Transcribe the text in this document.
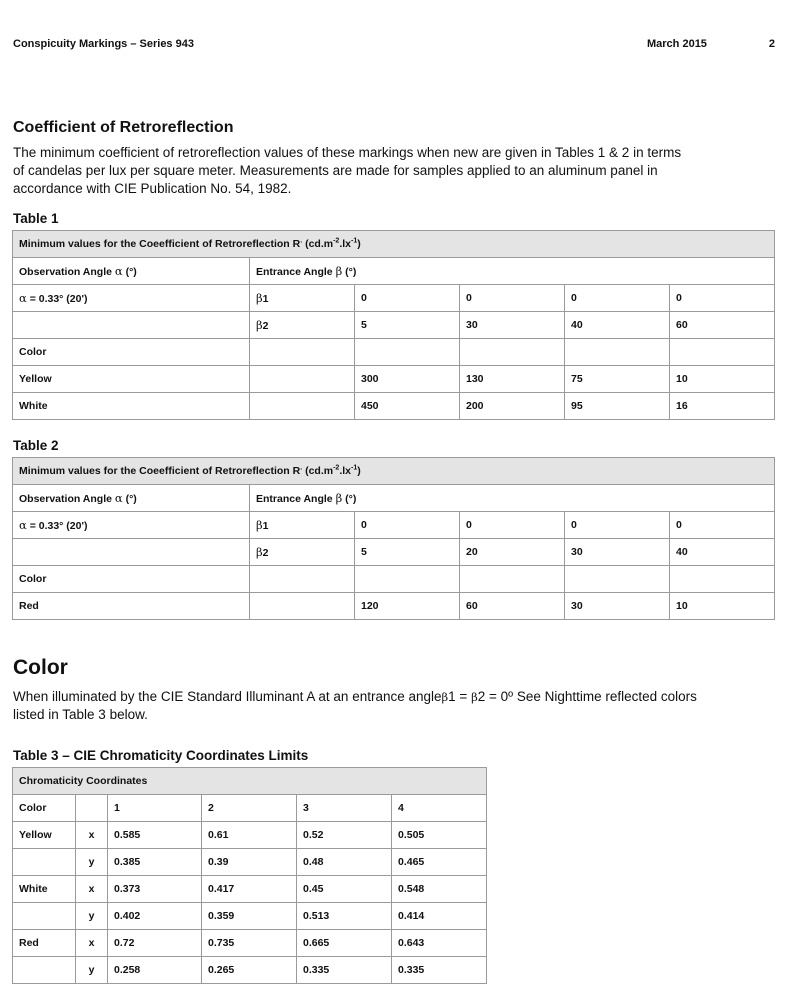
Conspicuity Markings – Series 943	March 2015	2
Coefficient of Retroreflection

The minimum coefficient of retroreflection values of these markings when new are given in Tables 1 & 2 in terms
of candelas per lux per square meter. Measurements are made for samples applied to an aluminum panel in
accordance with CIE Publication No. 54, 1982.

Table 1
Minimum values for the Coeefficient of Retroreflection R. $(cd.m^{-2}.lx^{-1})$					
Observation Angle α (°)	Entrance Angle β (°)				
α = 0.33° (20')	β1	0	0	0	0
	β2	5	30	40	60
Color					
Yellow		300	130	75	10
White		450	200	95	16
Table 2
Minimum values for the Coeefficient of Retroreflection R. $(cd.m^{-2}.lx^{-1})$					
Observation Angle α (°)	Entrance Angle β (°)				
α = 0.33° (20')	β1	0	0	0	0
	β2	5	20	30	40
Color					
Red		120	60	30	10
Color

When illuminated by the CIE Standard Illuminant A at an entrance angleβ1 = β2 = 0º See Nighttime reflected colors
listed in Table 3 below.

Table 3 – CIE Chromaticity Coordinates Limits
Chromaticity Coordinates					
Color		1	2	3	4
Yellow	x	0.585	0.61	0.52	0.505
	y	0.385	0.39	0.48	0.465
White	x	0.373	0.417	0.45	0.548
	y	0.402	0.359	0.513	0.414
Red	x	0.72	0.735	0.665	0.643
	y	0.258	0.265	0.335	0.335
